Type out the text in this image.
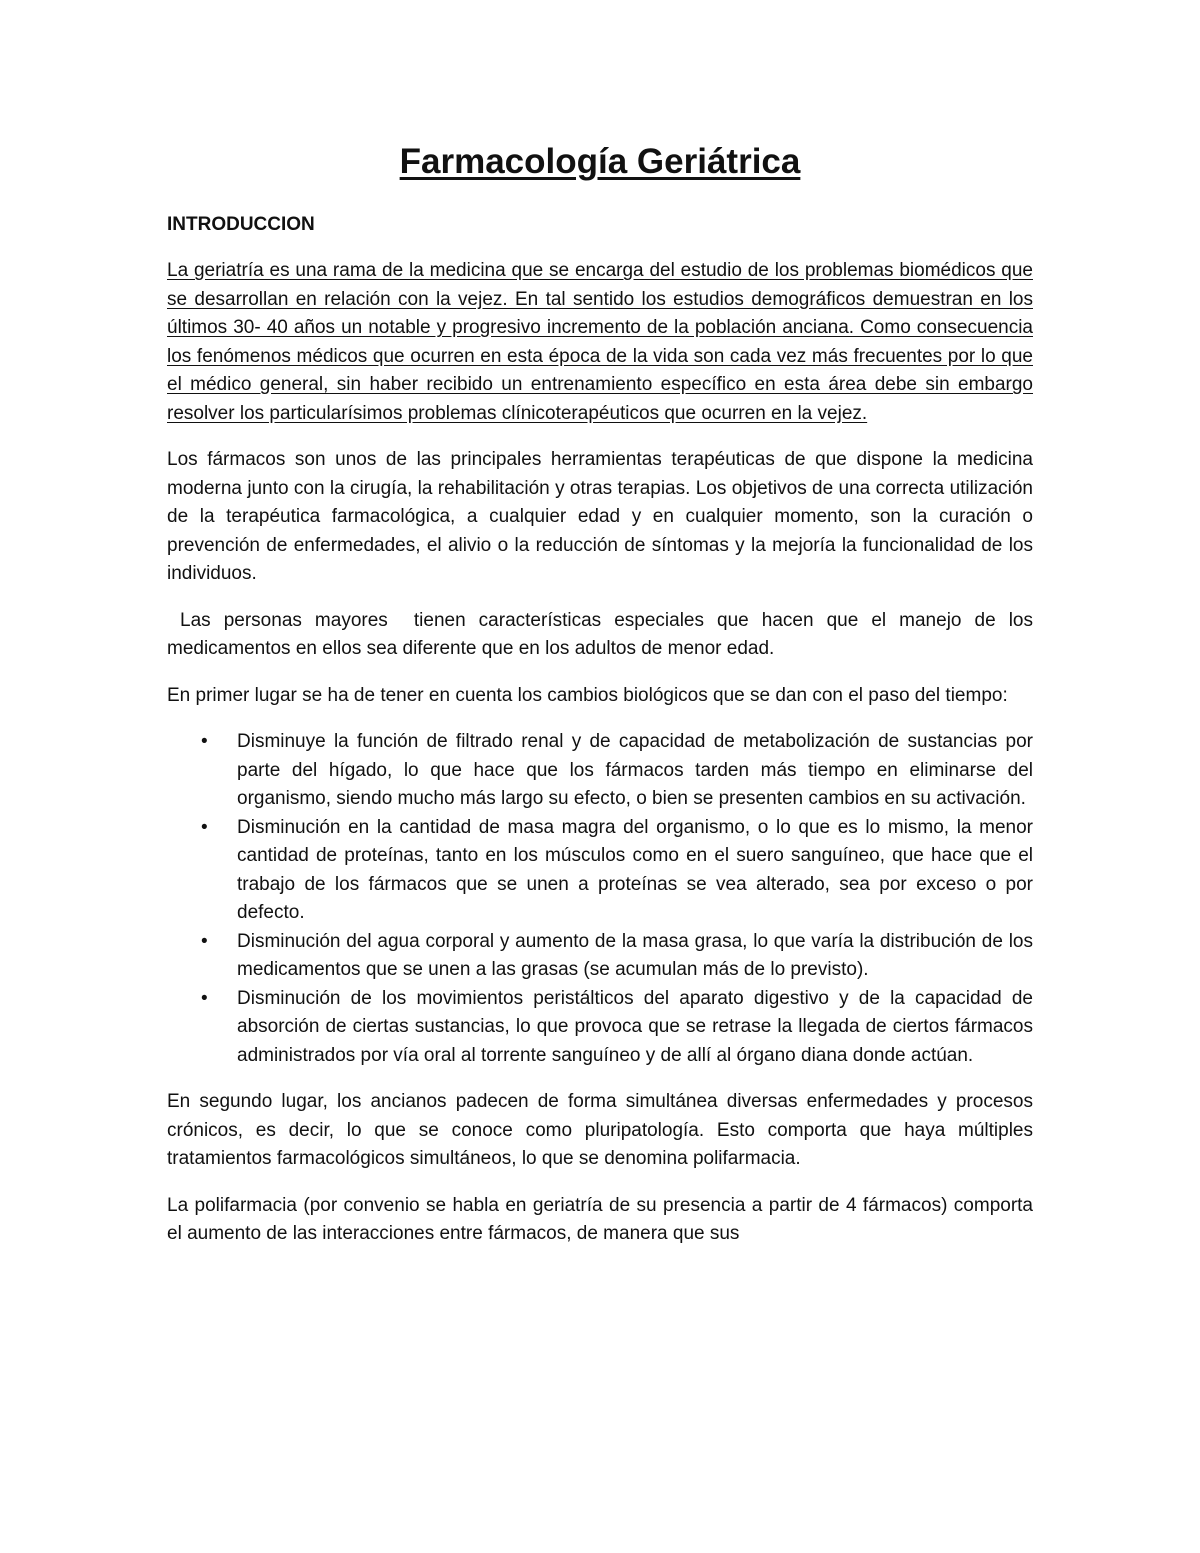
Farmacología Geriátrica
INTRODUCCION

La geriatría es una rama de la medicina que se encarga del estudio de los problemas biomédicos que se desarrollan en relación con la vejez. En tal sentido los estudios demográficos demuestran en los últimos 30- 40 años un notable y progresivo incremento de la población anciana. Como consecuencia los fenómenos médicos que ocurren en esta época de la vida son cada vez más frecuentes por lo que el médico general, sin haber recibido un entrenamiento específico en esta área debe sin embargo resolver los particularísimos problemas clínicoterapéuticos que ocurren en la vejez.

Los fármacos son unos de las principales herramientas terapéuticas de que dispone la medicina moderna junto con la cirugía, la rehabilitación y otras terapias. Los objetivos de una correcta utilización de la terapéutica farmacológica, a cualquier edad y en cualquier momento, son la curación o prevención de enfermedades, el alivio o la reducción de síntomas y la mejoría la funcionalidad de los individuos.

Las personas mayores  tienen características especiales que hacen que el manejo de los medicamentos en ellos sea diferente que en los adultos de menor edad.

En primer lugar se ha de tener en cuenta los cambios biológicos que se dan con el paso del tiempo:

• Disminuye la función de filtrado renal y de capacidad de metabolización de sustancias por parte del hígado, lo que hace que los fármacos tarden más tiempo en eliminarse del organismo, siendo mucho más largo su efecto, o bien se presenten cambios en su activación.
• Disminución en la cantidad de masa magra del organismo, o lo que es lo mismo, la menor cantidad de proteínas, tanto en los músculos como en el suero sanguíneo, que hace que el trabajo de los fármacos que se unen a proteínas se vea alterado, sea por exceso o por defecto.
• Disminución del agua corporal y aumento de la masa grasa, lo que varía la distribución de los medicamentos que se unen a las grasas (se acumulan más de lo previsto).
• Disminución de los movimientos peristálticos del aparato digestivo y de la capacidad de absorción de ciertas sustancias, lo que provoca que se retrase la llegada de ciertos fármacos administrados por vía oral al torrente sanguíneo y de allí al órgano diana donde actúan.

En segundo lugar, los ancianos padecen de forma simultánea diversas enfermedades y procesos crónicos, es decir, lo que se conoce como pluripatología. Esto comporta que haya múltiples tratamientos farmacológicos simultáneos, lo que se denomina polifarmacia.

La polifarmacia (por convenio se habla en geriatría de su presencia a partir de 4 fármacos) comporta el aumento de las interacciones entre fármacos, de manera que sus
